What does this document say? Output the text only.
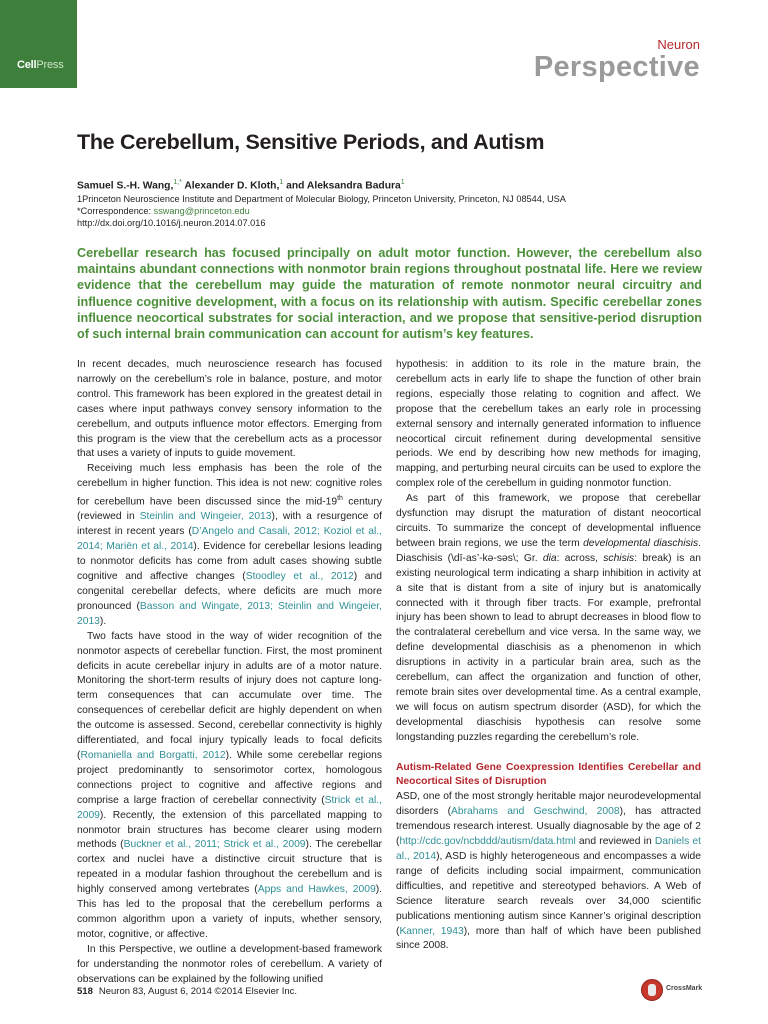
CellPress
Neuron
Perspective
The Cerebellum, Sensitive Periods, and Autism
Samuel S.-H. Wang,$^{1,*}$ Alexander D. Kloth,$^1$ and Aleksandra Badura$^1$
1Princeton Neuroscience Institute and Department of Molecular Biology, Princeton University, Princeton, NJ 08544, USA
*Correspondence: sswang@princeton.edu
http://dx.doi.org/10.1016/j.neuron.2014.07.016
Cerebellar research has focused principally on adult motor function. However, the cerebellum also maintains abundant connections with nonmotor brain regions throughout postnatal life. Here we review evidence that the cerebellum may guide the maturation of remote nonmotor neural circuitry and influence cognitive development, with a focus on its relationship with autism. Specific cerebellar zones influence neocortical substrates for social interaction, and we propose that sensitive-period disruption of such internal brain communication can account for autism’s key features.

In recent decades, much neuroscience research has focused narrowly on the cerebellum’s role in balance, posture, and motor control. This framework has been explored in the greatest detail in cases where input pathways convey sensory information to the cerebellum, and outputs influence motor effectors. Emerging from this program is the view that the cerebellum acts as a processor that uses a variety of inputs to guide movement.

Receiving much less emphasis has been the role of the cerebellum in higher function. This idea is not new: cognitive roles for cerebellum have been discussed since the mid-19th century (reviewed in Steinlin and Wingeier, 2013), with a resurgence of interest in recent years (D’Angelo and Casali, 2012; Koziol et al., 2014; Mariën et al., 2014). Evidence for cerebellar lesions leading to nonmotor deficits has come from adult cases showing subtle cognitive and affective changes (Stoodley et al., 2012) and congenital cerebellar defects, where deficits are much more pronounced (Basson and Wingate, 2013; Steinlin and Wingeier, 2013).

Two facts have stood in the way of wider recognition of the nonmotor aspects of cerebellar function. First, the most prominent deficits in acute cerebellar injury in adults are of a motor nature. Monitoring the short-term results of injury does not capture long-term consequences that can accumulate over time. The consequences of cerebellar deficit are highly dependent on when the outcome is assessed. Second, cerebellar connectivity is highly differentiated, and focal injury typically leads to focal deficits (Romaniella and Borgatti, 2012). While some cerebellar regions project predominantly to sensorimotor cortex, homologous connections project to cognitive and affective regions and comprise a large fraction of cerebellar connectivity (Strick et al., 2009). Recently, the extension of this parcellated mapping to nonmotor brain structures has become clearer using modern methods (Buckner et al., 2011; Strick et al., 2009). The cerebellar cortex and nuclei have a distinctive circuit structure that is repeated in a modular fashion throughout the cerebellum and is highly conserved among vertebrates (Apps and Hawkes, 2009). This has led to the proposal that the cerebellum performs a common algorithm upon a variety of inputs, whether sensory, motor, cognitive, or affective.

In this Perspective, we outline a development-based framework for understanding the nonmotor roles of cerebellum. A variety of observations can be explained by the following unified

hypothesis: in addition to its role in the mature brain, the cerebellum acts in early life to shape the function of other brain regions, especially those relating to cognition and affect. We propose that the cerebellum takes an early role in processing external sensory and internally generated information to influence neocortical circuit refinement during developmental sensitive periods. We end by describing how new methods for imaging, mapping, and perturbing neural circuits can be used to explore the complex role of the cerebellum in guiding nonmotor function.

As part of this framework, we propose that cerebellar dysfunction may disrupt the maturation of distant neocortical circuits. To summarize the concept of developmental influence between brain regions, we use the term developmental diaschisis. Diaschisis (\dī-as’-kə-səs\; Gr. dia: across, schisis: break) is an existing neurological term indicating a sharp inhibition in activity at a site that is distant from a site of injury but is anatomically connected with it through fiber tracts. For example, prefrontal injury has been shown to lead to abrupt decreases in blood flow to the contralateral cerebellum and vice versa. In the same way, we define developmental diaschisis as a phenomenon in which disruptions in activity in a particular brain area, such as the cerebellum, can affect the organization and function of other, remote brain sites over developmental time. As a central example, we will focus on autism spectrum disorder (ASD), for which the developmental diaschisis hypothesis can resolve some longstanding puzzles regarding the cerebellum’s role.

Autism-Related Gene Coexpression Identifies Cerebellar and Neocortical Sites of Disruption

ASD, one of the most strongly heritable major neurodevelopmental disorders (Abrahams and Geschwind, 2008), has attracted tremendous research interest. Usually diagnosable by the age of 2 (http://cdc.gov/ncbddd/autism/data.html and reviewed in Daniels et al., 2014), ASD is highly heterogeneous and encompasses a wide range of deficits including social impairment, communication difficulties, and repetitive and stereotyped behaviors. A Web of Science literature search reveals over 34,000 scientific publications mentioning autism since Kanner’s original description (Kanner, 1943), more than half of which have been published since 2008.

518 Neuron 83, August 6, 2014 ©2014 Elsevier Inc.	CrossMark
